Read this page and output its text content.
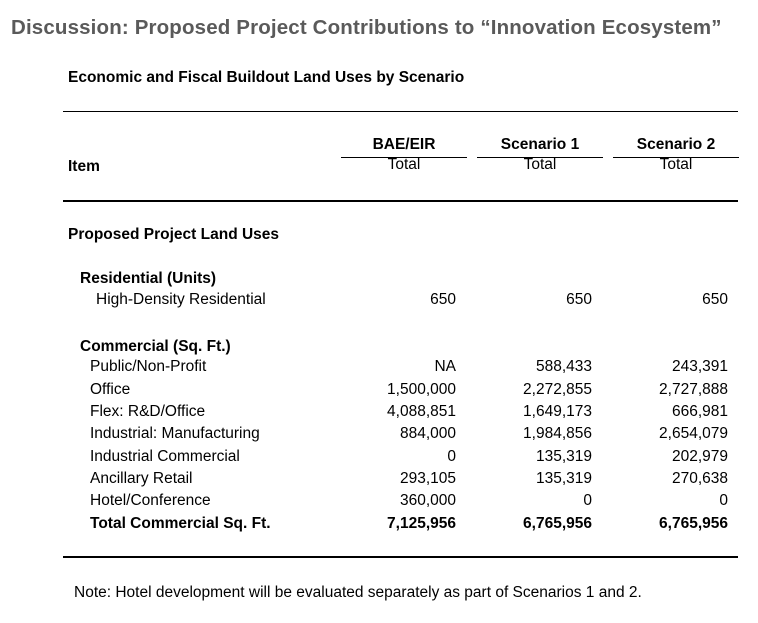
Discussion: Proposed Project Contributions to “Innovation Ecosystem”
Economic and Fiscal Buildout Land Uses by Scenario
BAE/EIR	Scenario 1	Scenario 2
Total	Total	Total
Item
Proposed Project Land Uses
Residential (Units)
High-Density Residential	650	650	650
Commercial (Sq. Ft.)
Public/Non-Profit	NA	588,433	243,391
Office	1,500,000	2,272,855	2,727,888
Flex: R&D/Office	4,088,851	1,649,173	666,981
Industrial: Manufacturing	884,000	1,984,856	2,654,079
Industrial Commercial	0	135,319	202,979
Ancillary Retail	293,105	135,319	270,638
Hotel/Conference	360,000	0	0
Total Commercial Sq. Ft.	7,125,956	6,765,956	6,765,956
Note: Hotel development will be evaluated separately as part of Scenarios 1 and 2.
